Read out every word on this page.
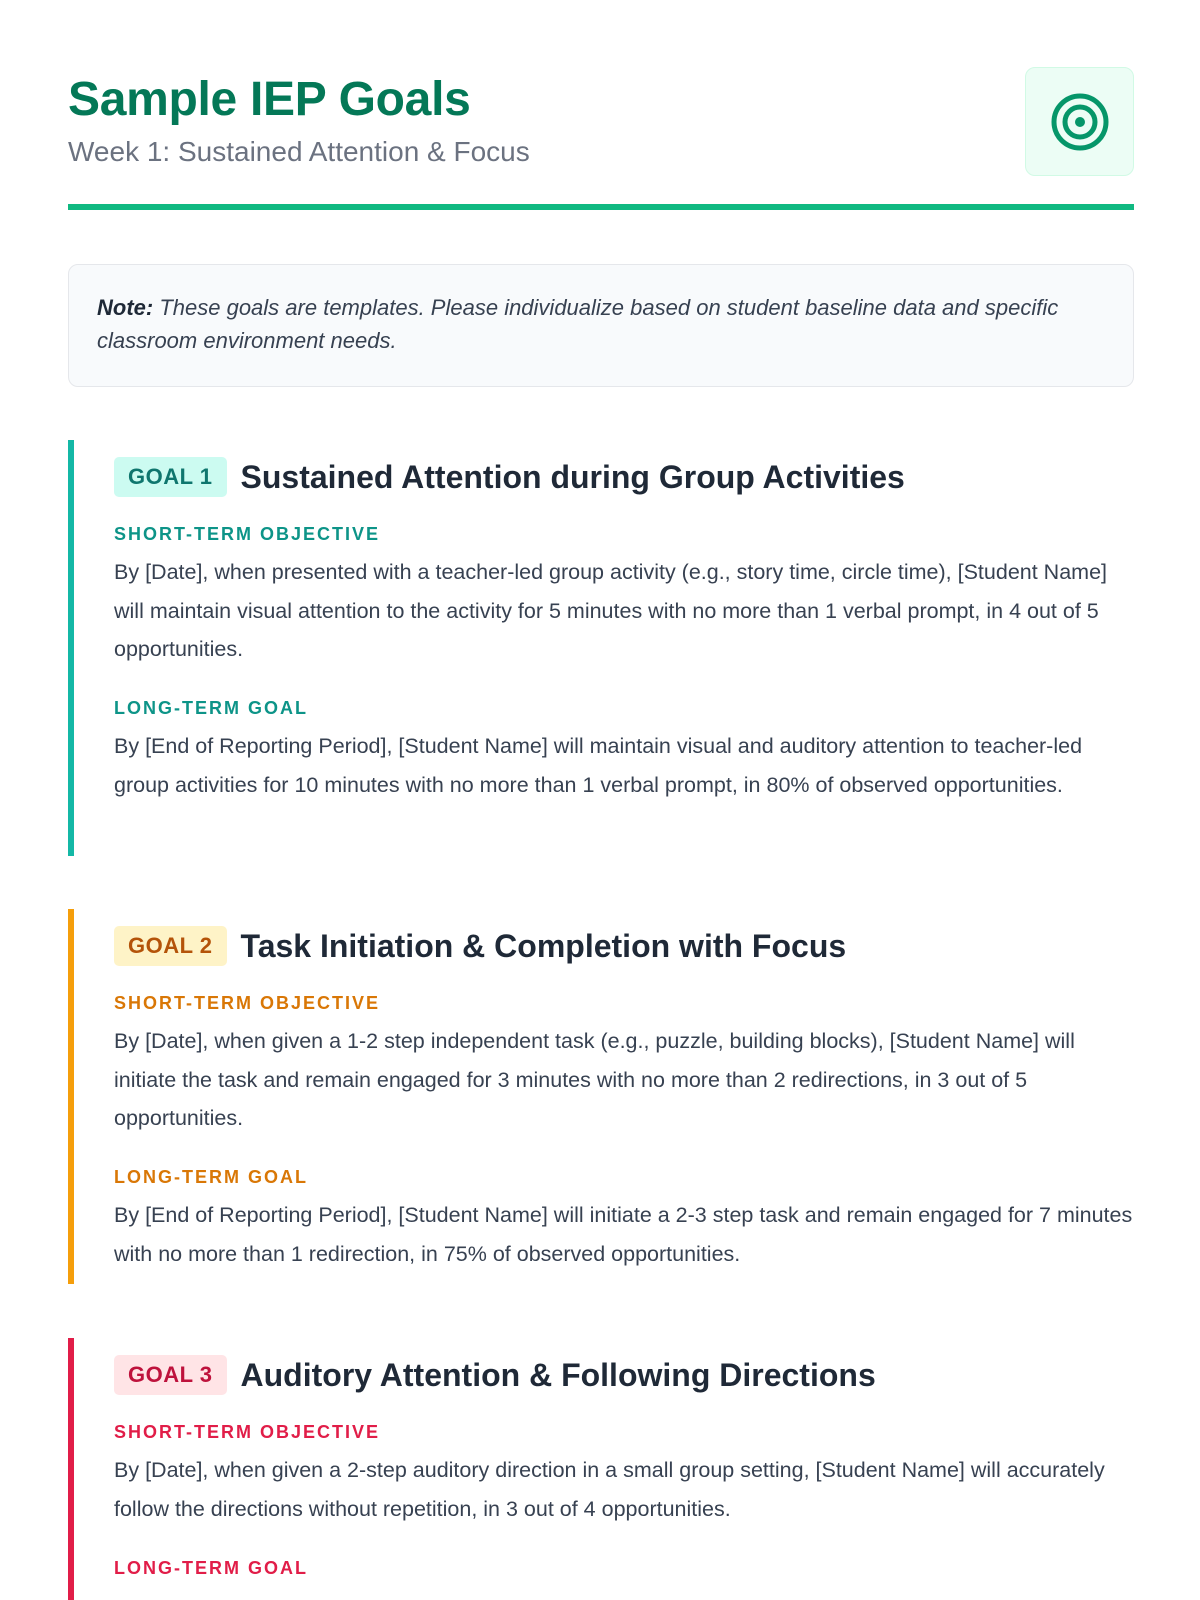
Sample IEP Goals
Week 1: Sustained Attention & Focus
Note: These goals are templates. Please individualize based on student baseline data and specific classroom environment needs.
GOAL 1 Sustained Attention during Group Activities
SHORT-TERM OBJECTIVE
By [Date], when presented with a teacher-led group activity (e.g., story time, circle time), [Student Name] will maintain visual attention to the activity for 5 minutes with no more than 1 verbal prompt, in 4 out of 5 opportunities.
LONG-TERM GOAL
By [End of Reporting Period], [Student Name] will maintain visual and auditory attention to teacher-led group activities for 10 minutes with no more than 1 verbal prompt, in 80% of observed opportunities.
GOAL 2 Task Initiation & Completion with Focus
SHORT-TERM OBJECTIVE
By [Date], when given a 1-2 step independent task (e.g., puzzle, building blocks), [Student Name] will initiate the task and remain engaged for 3 minutes with no more than 2 redirections, in 3 out of 5 opportunities.
LONG-TERM GOAL
By [End of Reporting Period], [Student Name] will initiate a 2-3 step task and remain engaged for 7 minutes with no more than 1 redirection, in 75% of observed opportunities.
GOAL 3 Auditory Attention & Following Directions
SHORT-TERM OBJECTIVE
By [Date], when given a 2-step auditory direction in a small group setting, [Student Name] will accurately follow the directions without repetition, in 3 out of 4 opportunities.
LONG-TERM GOAL
